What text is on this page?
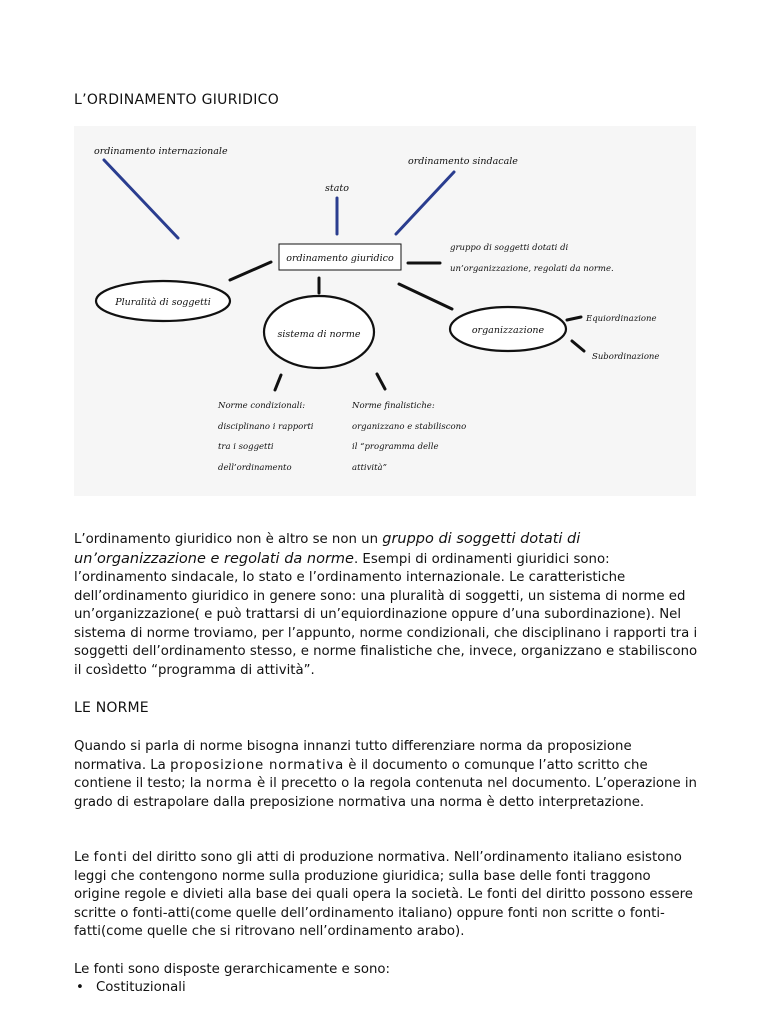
L’ORDINAMENTO GIURIDICO
ordinamento giuridico
Pluralità di soggetti
sistema di norme	organizzazione
ordinamento internazionale
stato
ordinamento sindacale
gruppo di soggetti dotati di
un’organizzazione, regolati da norme.
Equiordinazione
Subordinazione
Norme condizionali:
disciplinano i rapporti
tra i soggetti
dell’ordinamento
Norme finalistiche:
organizzano e stabiliscono
il “programma delle
attività”

L’ordinamento giuridico non è altro se non un gruppo di soggetti dotati di un’organizzazione e regolati da norme. Esempi di ordinamenti giuridici sono: l’ordinamento sindacale, lo stato e l’ordinamento internazionale. Le caratteristiche dell’ordinamento giuridico in genere sono: una pluralità di soggetti, un sistema di norme ed un’organizzazione( e può trattarsi di un’equiordinazione oppure d’una subordinazione). Nel sistema di norme troviamo, per l’appunto, norme condizionali, che disciplinano i rapporti tra i soggetti dell’ordinamento stesso, e norme finalistiche che, invece, organizzano e stabiliscono il cosìdetto “programma di attività”.

LE NORME

Quando si parla di norme bisogna innanzi tutto differenziare norma da proposizione normativa. La proposizione normativa è il documento o comunque l’atto scritto che contiene il testo; la norma è il precetto o la regola contenuta nel documento. L’operazione in grado di estrapolare dalla preposizione normativa una norma è detto interpretazione.

Le fonti del diritto sono gli atti di produzione normativa. Nell’ordinamento italiano esistono leggi che contengono norme sulla produzione giuridica; sulla base delle fonti traggono origine regole e divieti alla base dei quali opera la società. Le fonti del diritto possono essere scritte o fonti-atti(come quelle dell’ordinamento italiano) oppure fonti non scritte o fonti-fatti(come quelle che si ritrovano nell’ordinamento arabo).

Le fonti sono disposte gerarchicamente e sono:
• Costituzionali
